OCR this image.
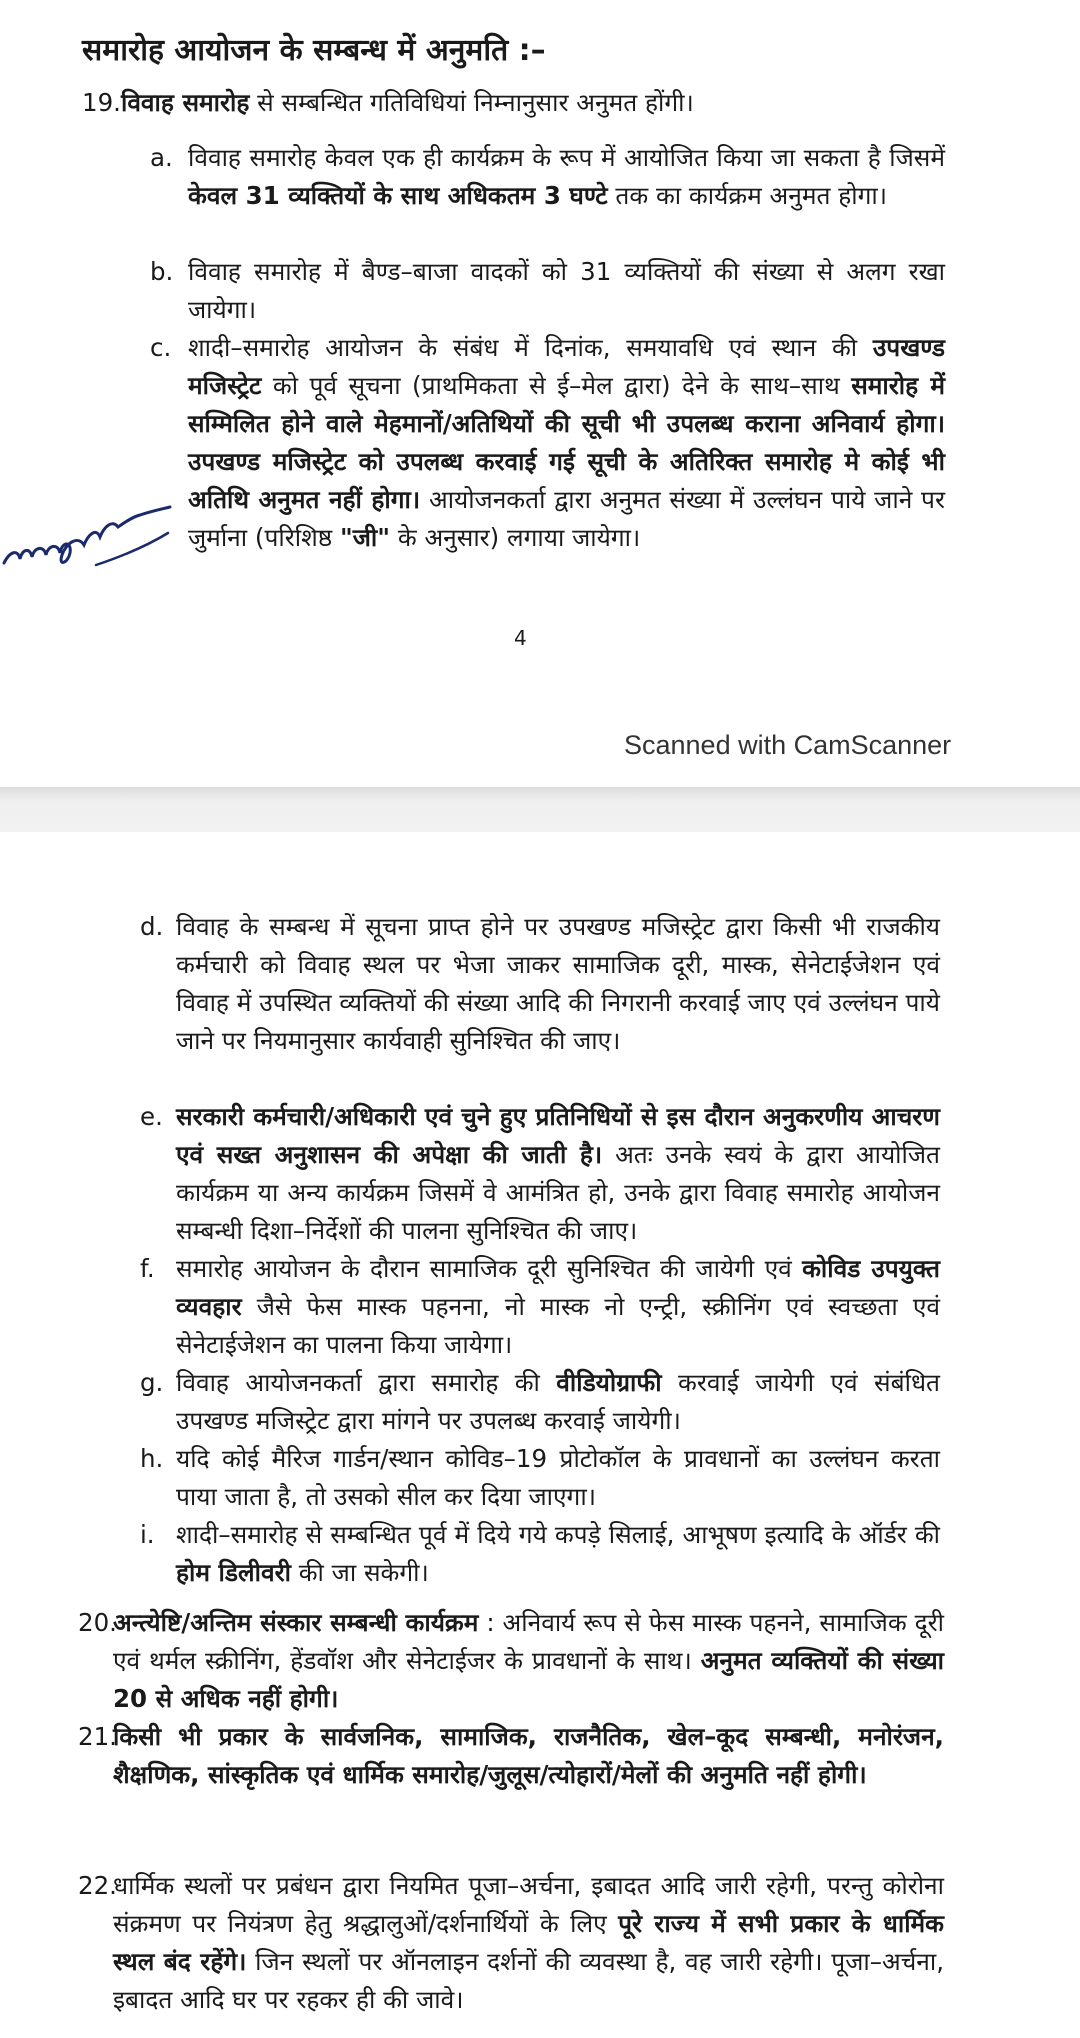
समारोह आयोजन के सम्बन्ध में अनुमति :–
19.विवाह समारोह से सम्बन्धित गतिविधियां निम्नानुसार अनुमत होंगी।
a. विवाह समारोह केवल एक ही कार्यक्रम के रूप में आयोजित किया जा सकता है जिसमें केवल 31 व्यक्तियों के साथ अधिकतम 3 घण्टे तक का कार्यक्रम अनुमत होगा।
b. विवाह समारोह में बैण्ड–बाजा वादकों को 31 व्यक्तियों की संख्या से अलग रखा जायेगा।
c. शादी–समारोह आयोजन के संबंध में दिनांक, समयावधि एवं स्थान की उपखण्ड मजिस्ट्रेट को पूर्व सूचना (प्राथमिकता से ई–मेल द्वारा) देने के साथ–साथ समारोह में सम्मिलित होने वाले मेहमानों/अतिथियों की सूची भी उपलब्ध कराना अनिवार्य होगा। उपखण्ड मजिस्ट्रेट को उपलब्ध करवाई गई सूची के अतिरिक्त समारोह मे कोई भी अतिथि अनुमत नहीं होगा। आयोजनकर्ता द्वारा अनुमत संख्या में उल्लंघन पाये जाने पर जुर्माना (परिशिष्ठ "जी" के अनुसार) लगाया जायेगा।
4
Scanned with CamScanner
d. विवाह के सम्बन्ध में सूचना प्राप्त होने पर उपखण्ड मजिस्ट्रेट द्वारा किसी भी राजकीय कर्मचारी को विवाह स्थल पर भेजा जाकर सामाजिक दूरी, मास्क, सेनेटाईजेशन एवं विवाह में उपस्थित व्यक्तियों की संख्या आदि की निगरानी करवाई जाए एवं उल्लंघन पाये जाने पर नियमानुसार कार्यवाही सुनिश्चित की जाए।
e. सरकारी कर्मचारी/अधिकारी एवं चुने हुए प्रतिनिधियों से इस दौरान अनुकरणीय आचरण एवं सख्त अनुशासन की अपेक्षा की जाती है। अतः उनके स्वयं के द्वारा आयोजित कार्यक्रम या अन्य कार्यक्रम जिसमें वे आमंत्रित हो, उनके द्वारा विवाह समारोह आयोजन सम्बन्धी दिशा–निर्देशों की पालना सुनिश्चित की जाए।
f. समारोह आयोजन के दौरान सामाजिक दूरी सुनिश्चित की जायेगी एवं कोविड उपयुक्त व्यवहार जैसे फेस मास्क पहनना, नो मास्क नो एन्ट्री, स्क्रीनिंग एवं स्वच्छता एवं सेनेटाईजेशन का पालना किया जायेगा।
g. विवाह आयोजनकर्ता द्वारा समारोह की वीडियोग्राफी करवाई जायेगी एवं संबंधित उपखण्ड मजिस्ट्रेट द्वारा मांगने पर उपलब्ध करवाई जायेगी।
h. यदि कोई मैरिज गार्डन/स्थान कोविड–19 प्रोटोकॉल के प्रावधानों का उल्लंघन करता पाया जाता है, तो उसको सील कर दिया जाएगा।
i. शादी–समारोह से सम्बन्धित पूर्व में दिये गये कपड़े सिलाई, आभूषण इत्यादि के ऑर्डर की होम डिलीवरी की जा सकेगी।
20.
अन्त्येष्टि/अन्तिम संस्कार सम्बन्धी कार्यक्रम : अनिवार्य रूप से फेस मास्क पहनने, सामाजिक दूरी एवं थर्मल स्क्रीनिंग, हेंडवॉश और सेनेटाईजर के प्रावधानों के साथ। अनुमत व्यक्तियों की संख्या 20 से अधिक नहीं होगी।
21.
किसी भी प्रकार के सार्वजनिक, सामाजिक, राजनैतिक, खेल–कूद सम्बन्धी, मनोरंजन, शैक्षणिक, सांस्कृतिक एवं धार्मिक समारोह/जुलूस/त्योहारों/मेलों की अनुमति नहीं होगी।
22.
धार्मिक स्थलों पर प्रबंधन द्वारा नियमित पूजा–अर्चना, इबादत आदि जारी रहेगी, परन्तु कोरोना संक्रमण पर नियंत्रण हेतु श्रद्धालुओं/दर्शनार्थियों के लिए पूरे राज्य में सभी प्रकार के धार्मिक स्थल बंद रहेंगे। जिन स्थलों पर ऑनलाइन दर्शनों की व्यवस्था है, वह जारी रहेगी। पूजा–अर्चना, इबादत आदि घर पर रहकर ही की जावे।
